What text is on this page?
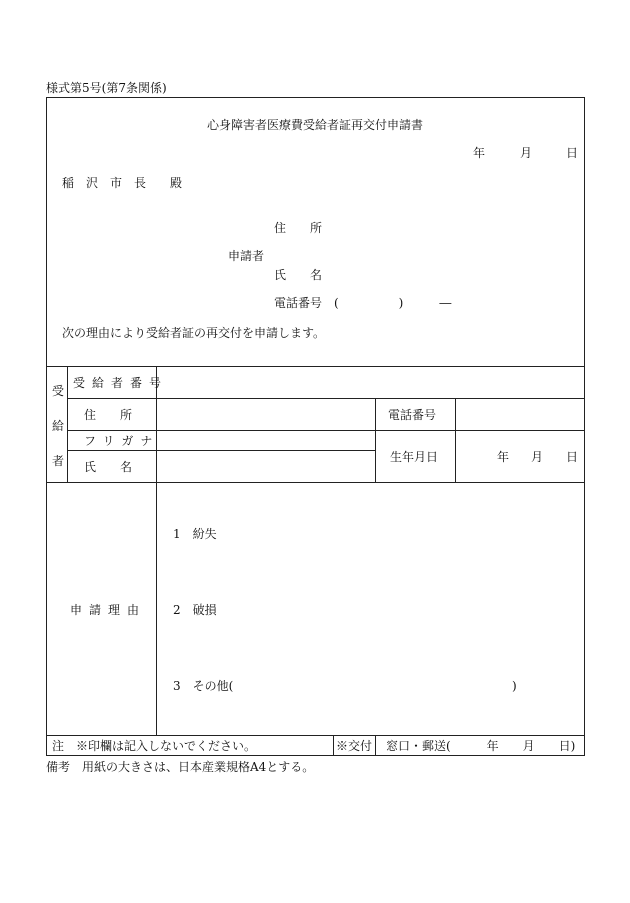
様式第5号(第7条関係)
心身障害者医療費受給者証再交付申請書
年	月	日
稲　沢　市　長　　殿
住　　所
申請者
氏　　名
電話番号　(　　　　　)　　　―
次の理由により受給者証の再交付を申請します。
受
給
者
受給者番号
住　　所	電話番号
フリガナ
氏　　名
生年月日	年 月 日
申請理由
1　紛失
2　破損
3　その他(	)
注　※印欄は記入しないでください。	※交付 窓口・郵送(　　　年　　月　　日)
備考　用紙の大きさは、日本産業規格A4とする。
